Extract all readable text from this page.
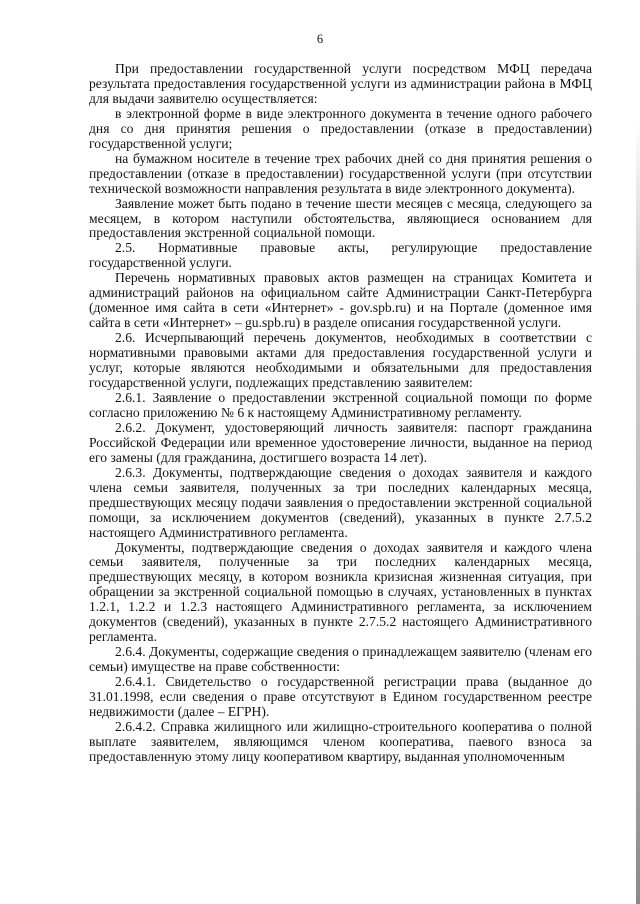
6

При предоставлении государственной услуги посредством МФЦ передача результата предоставления государственной услуги из администрации района в МФЦ для выдачи заявителю осуществляется:

в электронной форме в виде электронного документа в течение одного рабочего дня со дня принятия решения о предоставлении (отказе в предоставлении) государственной услуги;

на бумажном носителе в течение трех рабочих дней со дня принятия решения о предоставлении (отказе в предоставлении) государственной услуги (при отсутствии технической возможности направления результата в виде электронного документа).

Заявление может быть подано в течение шести месяцев с месяца, следующего за месяцем, в котором наступили обстоятельства, являющиеся основанием для предоставления экстренной социальной помощи.

2.5. Нормативные правовые акты, регулирующие предоставление государственной услуги.

Перечень нормативных правовых актов размещен на страницах Комитета и администраций районов на официальном сайте Администрации Санкт-Петербурга (доменное имя сайта в сети «Интернет» - gov.spb.ru) и на Портале (доменное имя сайта в сети «Интернет» – gu.spb.ru) в разделе описания государственной услуги.

2.6. Исчерпывающий перечень документов, необходимых в соответствии с нормативными правовыми актами для предоставления государственной услуги и услуг, которые являются необходимыми и обязательными для предоставления государственной услуги, подлежащих представлению заявителем:

2.6.1. Заявление о предоставлении экстренной социальной помощи по форме согласно приложению № 6 к настоящему Административному регламенту.

2.6.2. Документ, удостоверяющий личность заявителя: паспорт гражданина Российской Федерации или временное удостоверение личности, выданное на период его замены (для гражданина, достигшего возраста 14 лет).

2.6.3. Документы, подтверждающие сведения о доходах заявителя и каждого члена семьи заявителя, полученных за три последних календарных месяца, предшествующих месяцу подачи заявления о предоставлении экстренной социальной помощи, за исключением документов (сведений), указанных в пункте 2.7.5.2 настоящего Административного регламента.

Документы, подтверждающие сведения о доходах заявителя и каждого члена семьи заявителя, полученные за три последних календарных месяца, предшествующих месяцу, в котором возникла кризисная жизненная ситуация, при обращении за экстренной социальной помощью в случаях, установленных в пунктах 1.2.1, 1.2.2 и 1.2.3 настоящего Административного регламента, за исключением документов (сведений), указанных в пункте 2.7.5.2 настоящего Административного регламента.

2.6.4. Документы, содержащие сведения о принадлежащем заявителю (членам его семьи) имуществе на праве собственности:

2.6.4.1. Свидетельство о государственной регистрации права (выданное до 31.01.1998, если сведения о праве отсутствуют в Едином государственном реестре недвижимости (далее – ЕГРН).

2.6.4.2. Справка жилищного или жилищно-строительного кооператива о полной выплате заявителем, являющимся членом кооператива, паевого взноса за предоставленную этому лицу кооперативом квартиру, выданная уполномоченным
